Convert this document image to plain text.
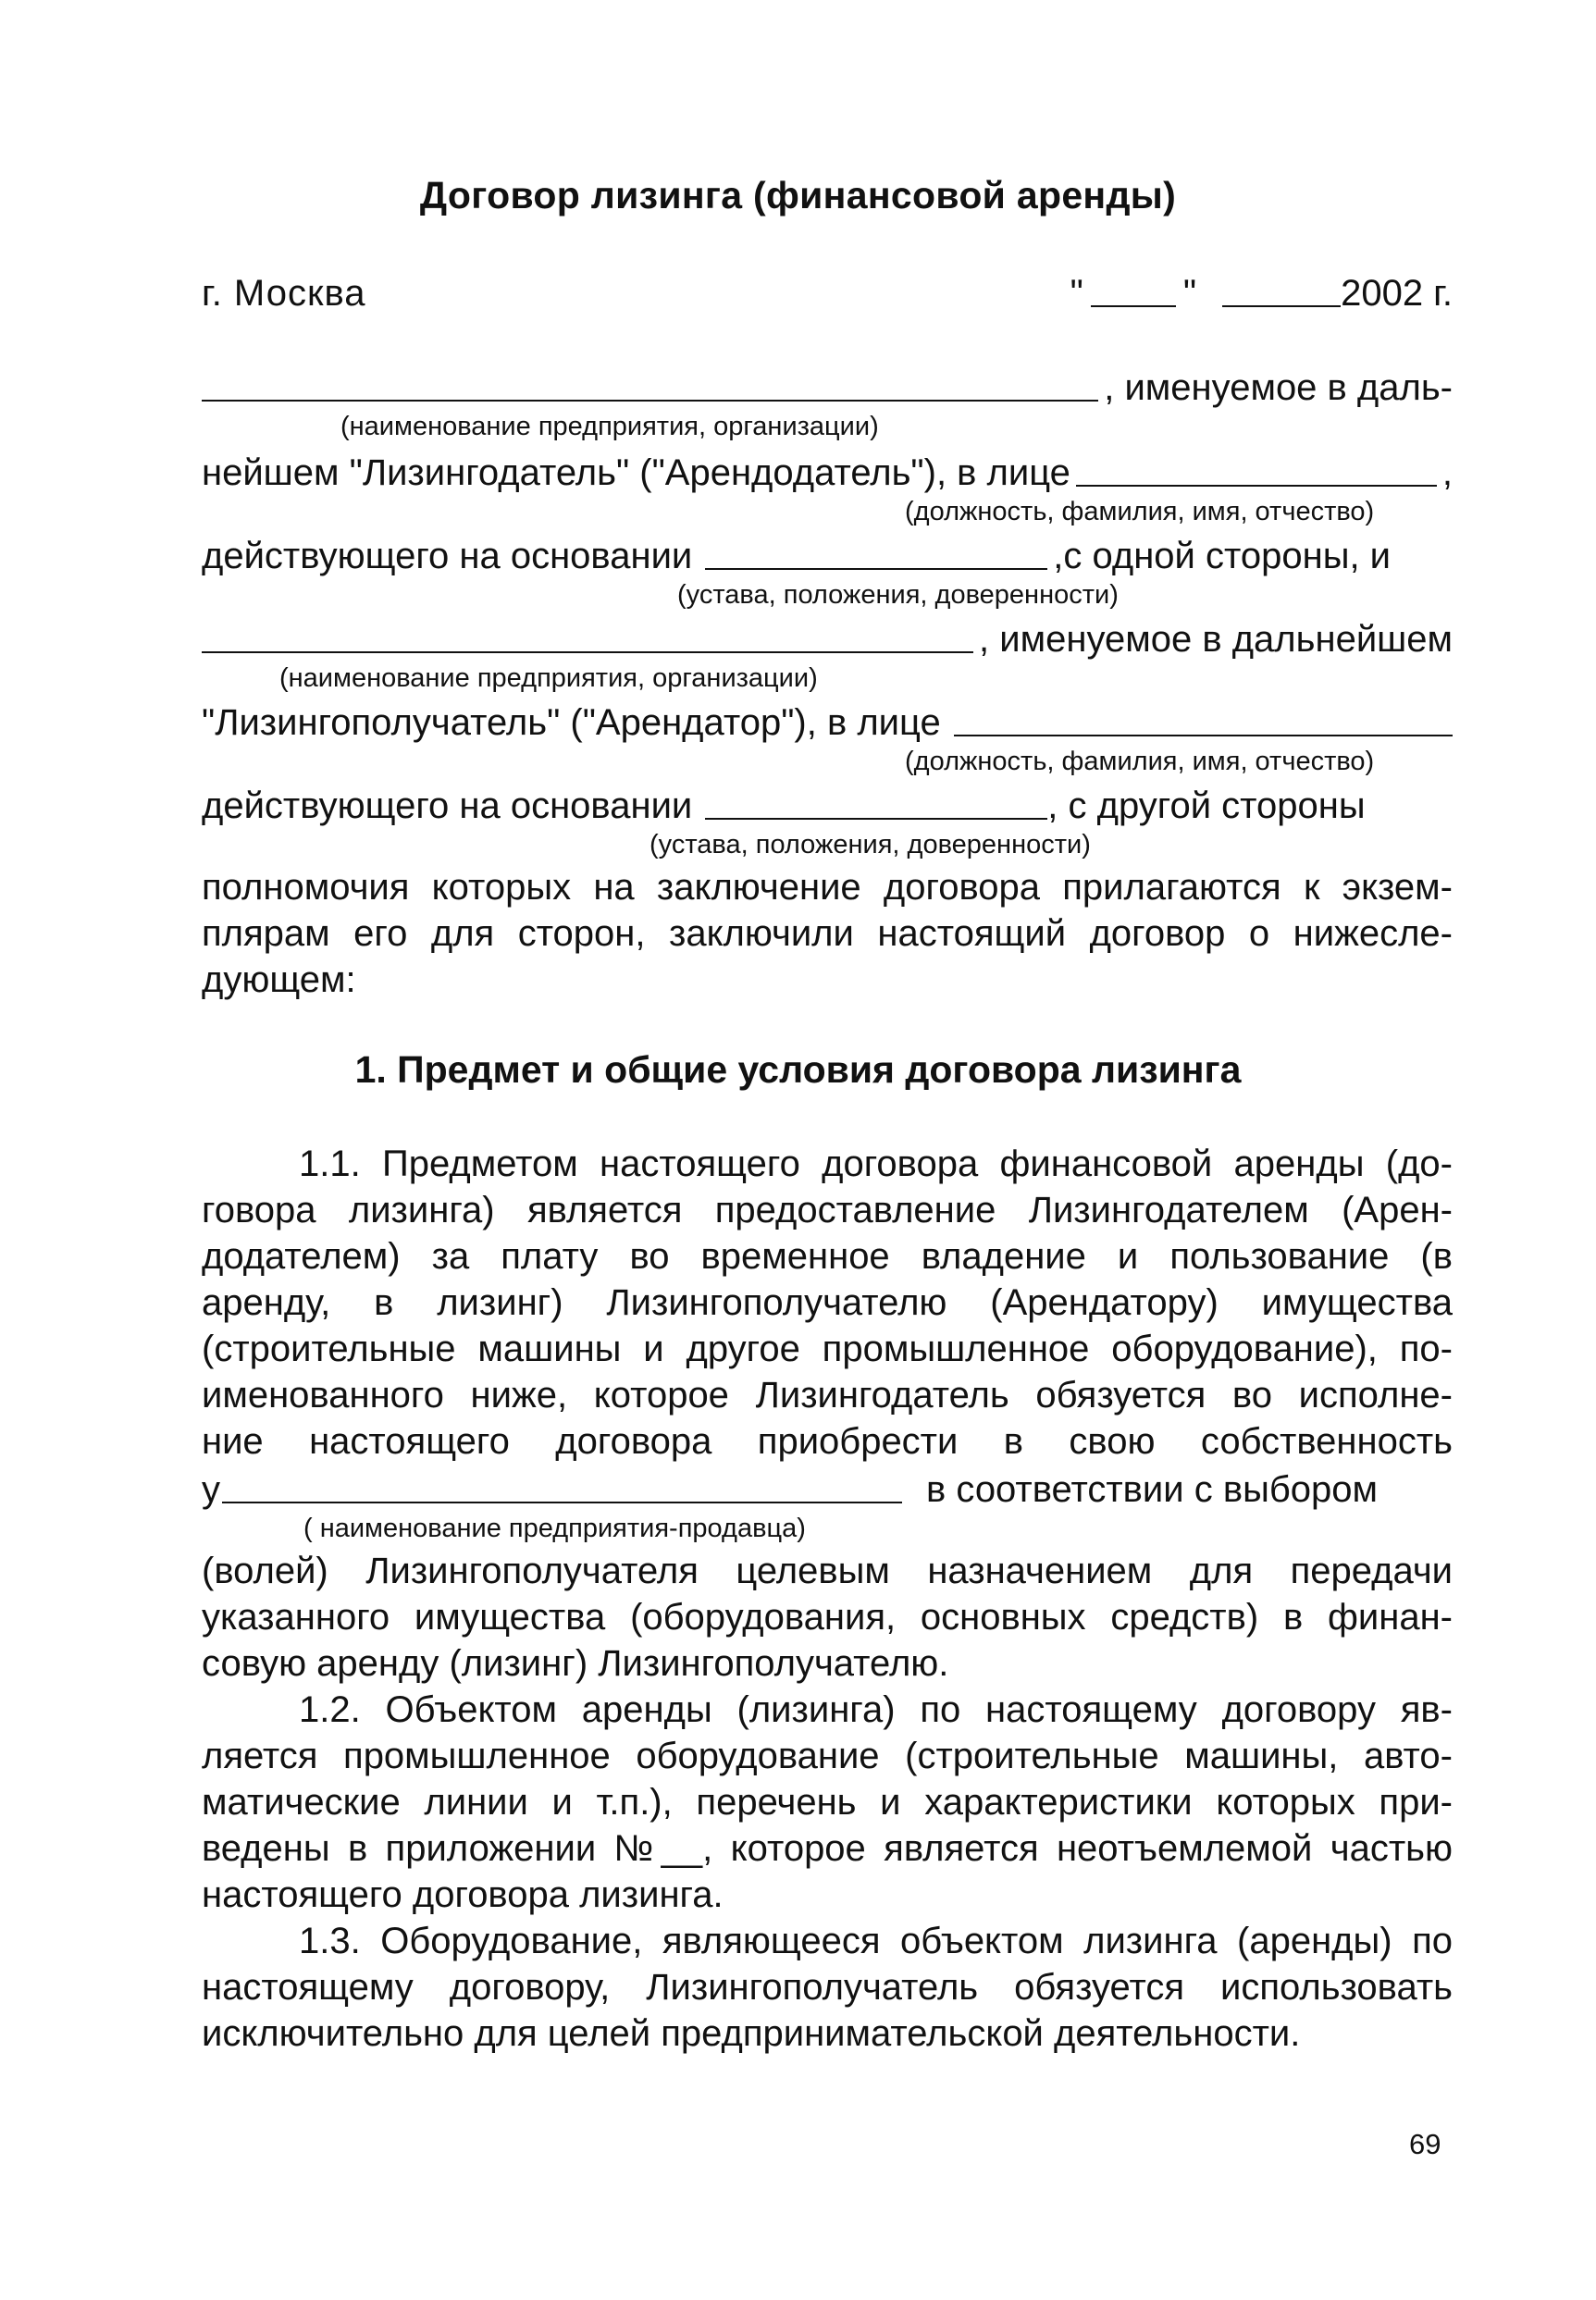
Договор лизинга (финансовой аренды)
г. Москва	"	"	2002 г.
, именуемое в даль-
(наименование предприятия, организации)
нейшем "Лизингодатель" ("Арендодатель"), в лице	,
(должность, фамилия, имя, отчество)
действующего на основании	,с одной стороны, и
(устава, положения, доверенности)
, именуемое в дальнейшем
(наименование предприятия, организации)
"Лизингополучатель" ("Арендатор"), в лице
(должность, фамилия, имя, отчество)
действующего на основании	, с другой стороны
(устава, положения, доверенности)
полномочия которых на заключение договора прилагаются к экзем-
плярам его для сторон, заключили настоящий договор о нижесле-
дующем:
1. Предмет и общие условия договора лизинга
1.1. Предметом настоящего договора финансовой аренды (до-
говора лизинга) является предоставление Лизингодателем (Арен-
додателем) за плату во временное владение и пользование (в
аренду, в лизинг) Лизингополучателю (Арендатору) имущества
(строительные машины и другое промышленное оборудование), по-
именованного ниже, которое Лизингодатель обязуется во исполне-
ние настоящего договора приобрести в свою собственность
у	в соответствии с выбором
( наименование предприятия-продавца)
(волей) Лизингополучателя целевым назначением для передачи
указанного имущества (оборудования, основных средств) в финан-
совую аренду (лизинг) Лизингополучателю.
1.2. Объектом аренды (лизинга) по настоящему договору яв-
ляется промышленное оборудование (строительные машины, авто-
матические линии и т.п.), перечень и характеристики которых при-
ведены в приложении №__, которое является неотъемлемой частью
настоящего договора лизинга.
1.3. Оборудование, являющееся объектом лизинга (аренды) по
настоящему договору, Лизингополучатель обязуется использовать
исключительно для целей предпринимательской деятельности.
69
